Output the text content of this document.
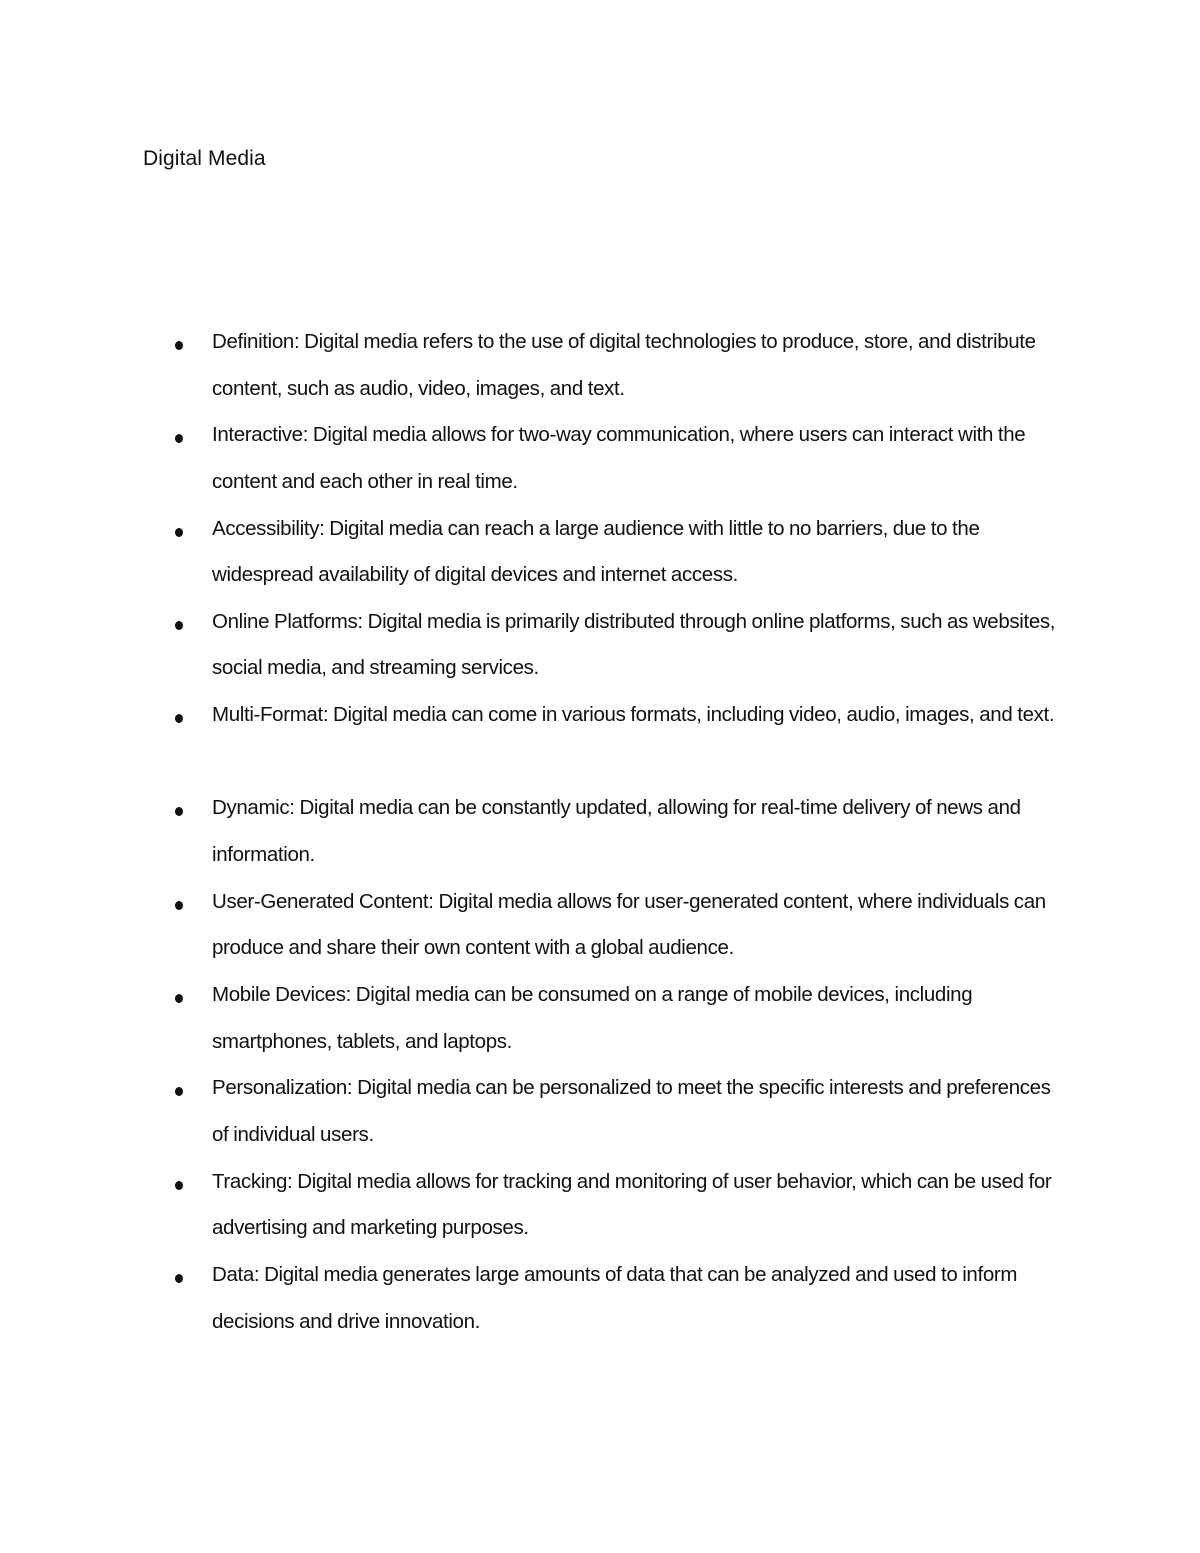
Digital Media
Definition: Digital media refers to the use of digital technologies to produce, store, and distribute content, such as audio, video, images, and text.
Interactive: Digital media allows for two-way communication, where users can interact with the content and each other in real time.
Accessibility: Digital media can reach a large audience with little to no barriers, due to the widespread availability of digital devices and internet access.
Online Platforms: Digital media is primarily distributed through online platforms, such as websites, social media, and streaming services.
Multi-Format: Digital media can come in various formats, including video, audio, images, and text.
Dynamic: Digital media can be constantly updated, allowing for real-time delivery of news and information.
User-Generated Content: Digital media allows for user-generated content, where individuals can produce and share their own content with a global audience.
Mobile Devices: Digital media can be consumed on a range of mobile devices, including smartphones, tablets, and laptops.
Personalization: Digital media can be personalized to meet the specific interests and preferences of individual users.
Tracking: Digital media allows for tracking and monitoring of user behavior, which can be used for advertising and marketing purposes.
Data: Digital media generates large amounts of data that can be analyzed and used to inform decisions and drive innovation.
